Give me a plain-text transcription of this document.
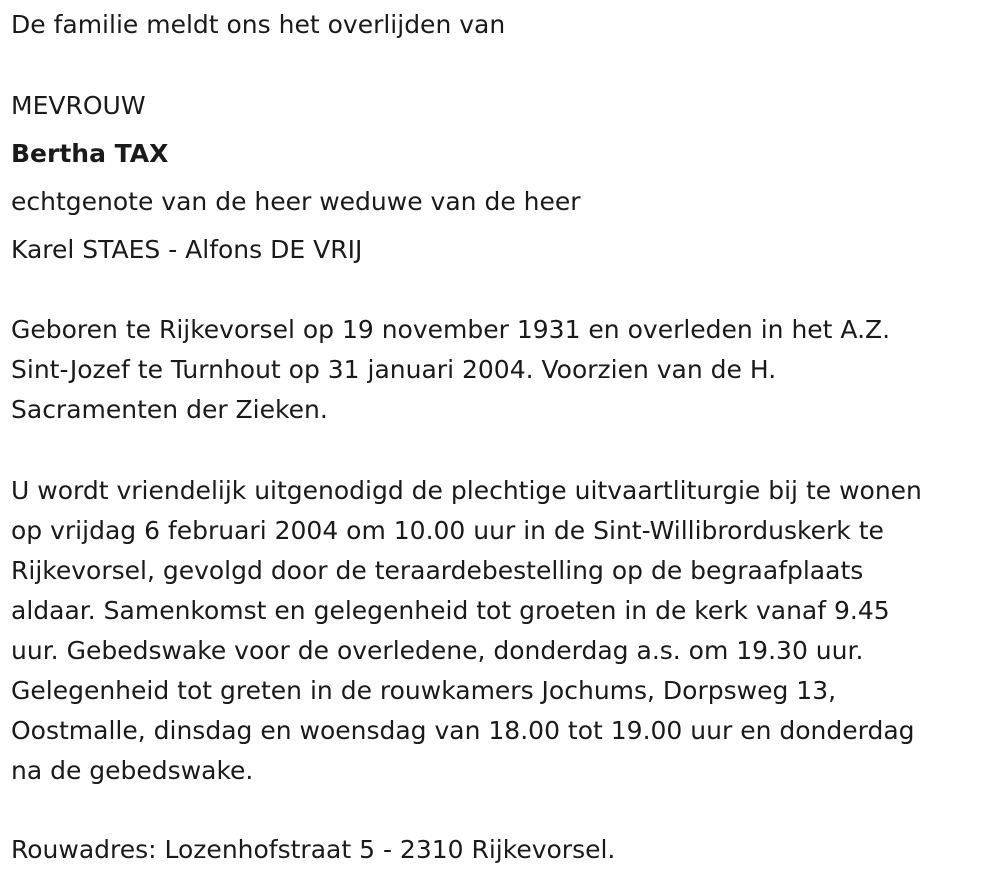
De familie meldt ons het overlijden van
MEVROUW
Bertha TAX
echtgenote van de heer weduwe van de heer
Karel STAES - Alfons DE VRIJ
Geboren te Rijkevorsel op 19 november 1931 en overleden in het A.Z.
Sint-Jozef te Turnhout op 31 januari 2004. Voorzien van de H.
Sacramenten der Zieken.
U wordt vriendelijk uitgenodigd de plechtige uitvaartliturgie bij te wonen
op vrijdag 6 februari 2004 om 10.00 uur in de Sint-Willibrorduskerk te
Rijkevorsel, gevolgd door de teraardebestelling op de begraafplaats
aldaar. Samenkomst en gelegenheid tot groeten in de kerk vanaf 9.45
uur. Gebedswake voor de overledene, donderdag a.s. om 19.30 uur.
Gelegenheid tot greten in de rouwkamers Jochums, Dorpsweg 13,
Oostmalle, dinsdag en woensdag van 18.00 tot 19.00 uur en donderdag
na de gebedswake.
Rouwadres: Lozenhofstraat 5 - 2310 Rijkevorsel.
